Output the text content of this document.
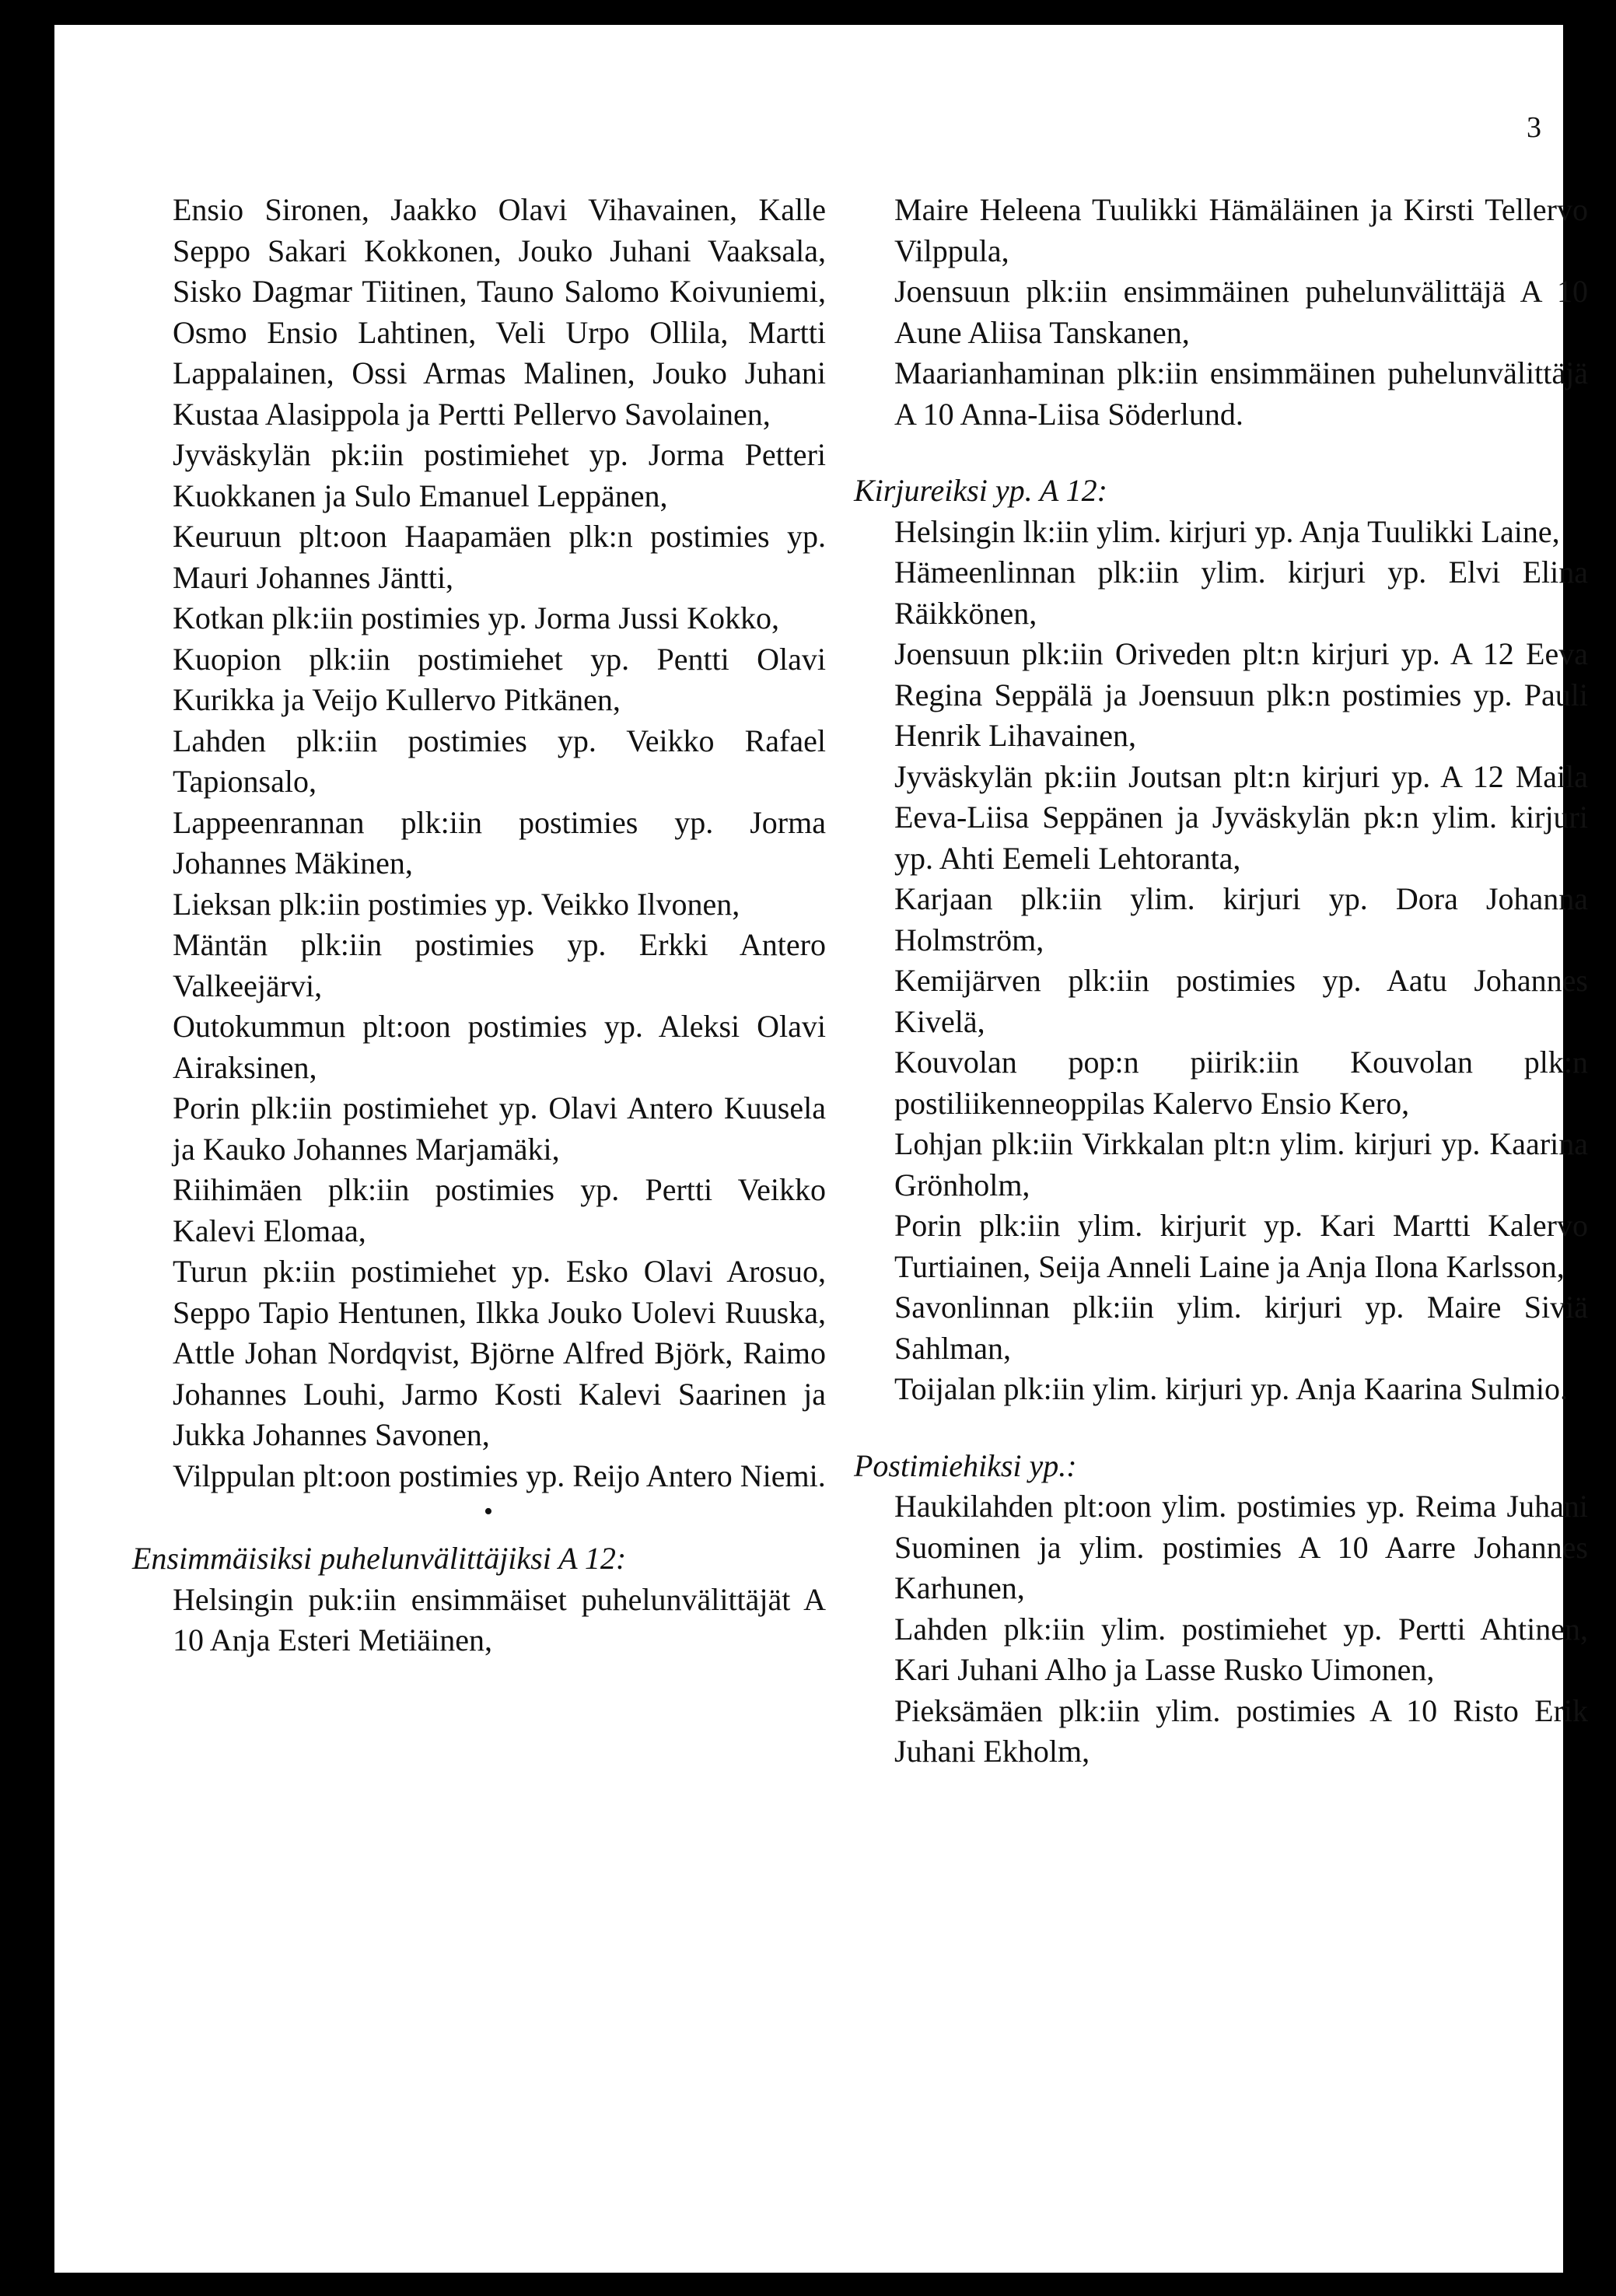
3

Ensio Sironen, Jaakko Olavi Vihavainen, Kalle Seppo Sakari Kokkonen, Jouko Juhani Vaaksala, Sisko Dagmar Tiitinen, Tauno Salomo Koivuniemi, Osmo Ensio Lahtinen, Veli Urpo Ollila, Martti Lappalainen, Ossi Armas Malinen, Jouko Juhani Kustaa Alasippola ja Pertti Pellervo Savolainen,

Jyväskylän pk:iin postimiehet yp. Jorma Petteri Kuokkanen ja Sulo Emanuel Leppänen,

Keuruun plt:oon Haapamäen plk:n postimies yp. Mauri Johannes Jäntti,

Kotkan plk:iin postimies yp. Jorma Jussi Kokko,

Kuopion plk:iin postimiehet yp. Pentti Olavi Kurikka ja Veijo Kullervo Pitkänen,

Lahden plk:iin postimies yp. Veikko Rafael Tapionsalo,

Lappeenrannan plk:iin postimies yp. Jorma Johannes Mäkinen,

Lieksan plk:iin postimies yp. Veikko Ilvonen,

Mäntän plk:iin postimies yp. Erkki Antero Valkeejärvi,

Outokummun plt:oon postimies yp. Aleksi Olavi Airaksinen,

Porin plk:iin postimiehet yp. Olavi Antero Kuusela ja Kauko Johannes Marjamäki,

Riihimäen plk:iin postimies yp. Pertti Veikko Kalevi Elomaa,

Turun pk:iin postimiehet yp. Esko Olavi Arosuo, Seppo Tapio Hentunen, Ilkka Jouko Uolevi Ruuska, Attle Johan Nordqvist, Björne Alfred Björk, Raimo Johannes Louhi, Jarmo Kosti Kalevi Saarinen ja Jukka Johannes Savonen,

Vilppulan plt:oon postimies yp. Reijo Antero Niemi.

•

Ensimmäisiksi puhelunvälittäjiksi A 12:

Helsingin puk:iin ensimmäiset puhelunvälittäjät A 10 Anja Esteri Metiäinen,

Maire Heleena Tuulikki Hämäläinen ja Kirsti Tellervo Vilppula,

Joensuun plk:iin ensimmäinen puhelunvälittäjä A 10 Aune Aliisa Tanskanen,

Maarianhaminan plk:iin ensimmäinen puhelunvälittäjä A 10 Anna-Liisa Söderlund.

Kirjureiksi yp. A 12:

Helsingin lk:iin ylim. kirjuri yp. Anja Tuulikki Laine,

Hämeenlinnan plk:iin ylim. kirjuri yp. Elvi Elina Räikkönen,

Joensuun plk:iin Oriveden plt:n kirjuri yp. A 12 Eeva Regina Seppälä ja Joensuun plk:n postimies yp. Pauli Henrik Lihavainen,

Jyväskylän pk:iin Joutsan plt:n kirjuri yp. A 12 Maila Eeva-Liisa Seppänen ja Jyväskylän pk:n ylim. kirjuri yp. Ahti Eemeli Lehtoranta,

Karjaan plk:iin ylim. kirjuri yp. Dora Johanna Holmström,

Kemijärven plk:iin postimies yp. Aatu Johannes Kivelä,

Kouvolan pop:n piirik:iin Kouvolan plk:n postiliikenneoppilas Kalervo Ensio Kero,

Lohjan plk:iin Virkkalan plt:n ylim. kirjuri yp. Kaarina Grönholm,

Porin plk:iin ylim. kirjurit yp. Kari Martti Kalervo Turtiainen, Seija Anneli Laine ja Anja Ilona Karlsson,

Savonlinnan plk:iin ylim. kirjuri yp. Maire Siviä Sahlman,

Toijalan plk:iin ylim. kirjuri yp. Anja Kaarina Sulmio.

Postimiehiksi yp.:

Haukilahden plt:oon ylim. postimies yp. Reima Juhani Suominen ja ylim. postimies A 10 Aarre Johannes Karhunen,

Lahden plk:iin ylim. postimiehet yp. Pertti Ahtinen, Kari Juhani Alho ja Lasse Rusko Uimonen,

Pieksämäen plk:iin ylim. postimies A 10 Risto Erik Juhani Ekholm,
